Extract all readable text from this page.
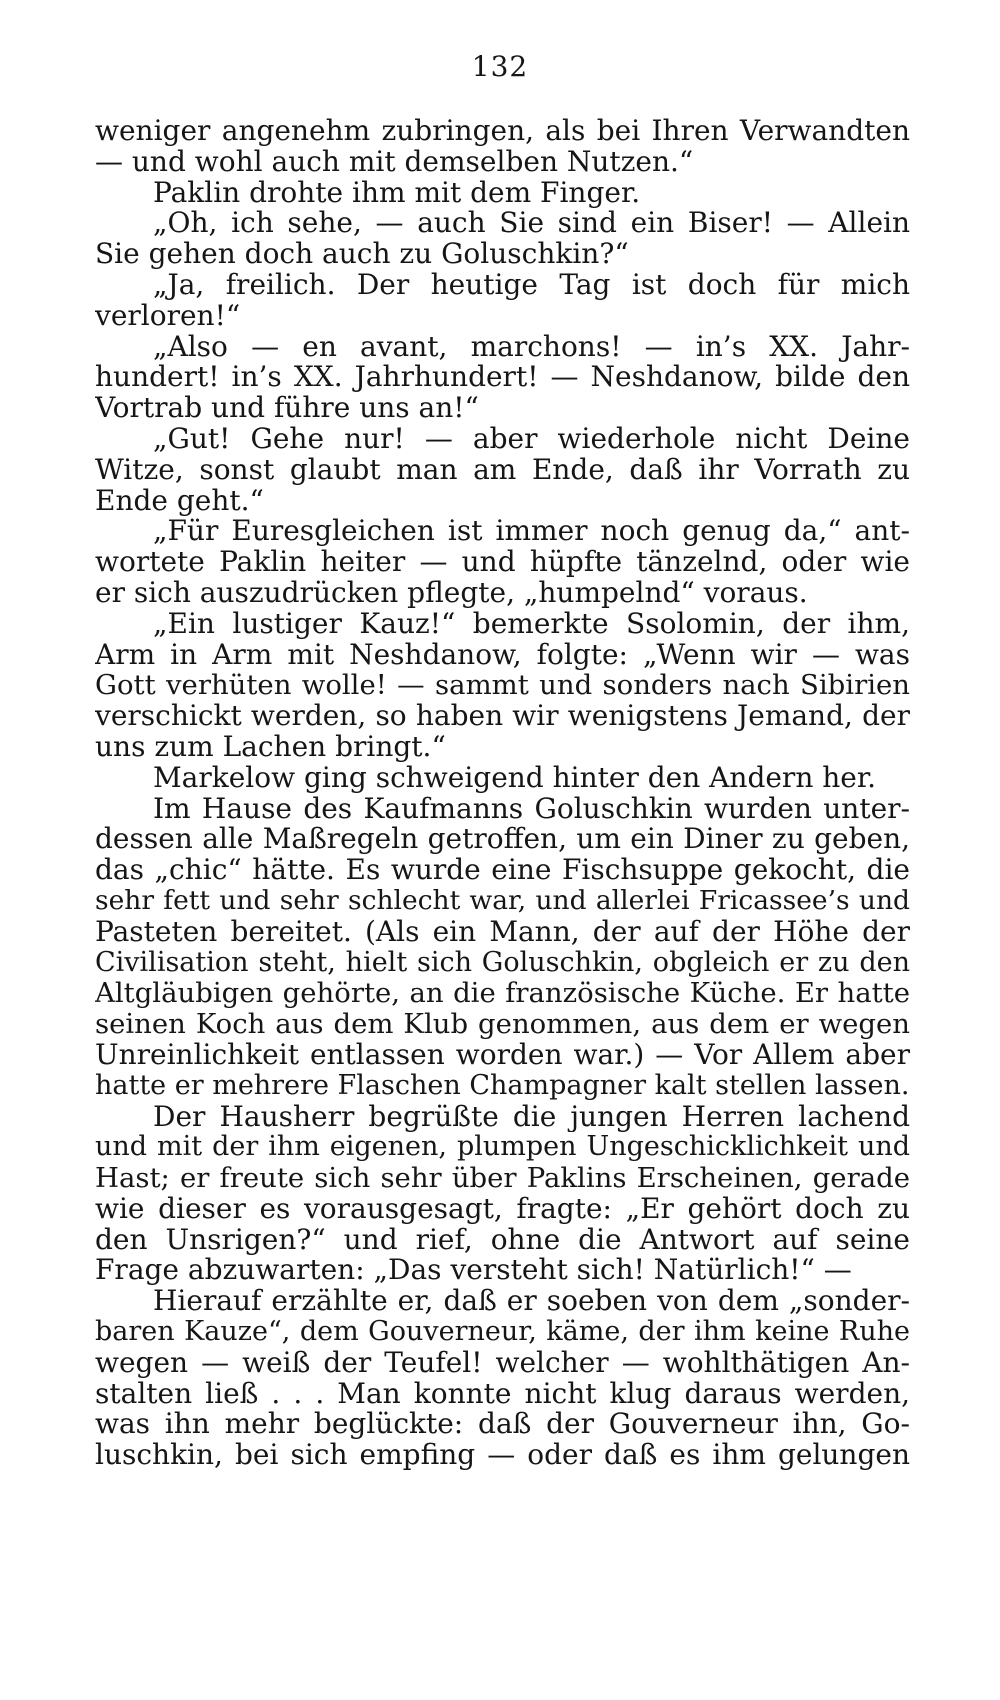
132
weniger angenehm zubringen, als bei Ihren Verwandten
— und wohl auch mit demselben Nutzen.“
Paklin drohte ihm mit dem Finger.
„Oh, ich sehe, — auch Sie sind ein Biser! — Allein
Sie gehen doch auch zu Goluschkin?“
„Ja, freilich. Der heutige Tag ist doch für mich
verloren!“
„Also — en avant, marchons! — in’s XX. Jahr-
hundert! in’s XX. Jahrhundert! — Neshdanow, bilde den
Vortrab und führe uns an!“
„Gut! Gehe nur! — aber wiederhole nicht Deine
Witze, sonst glaubt man am Ende, daß ihr Vorrath zu
Ende geht.“
„Für Euresgleichen ist immer noch genug da,“ ant-
wortete Paklin heiter — und hüpfte tänzelnd, oder wie
er sich auszudrücken pflegte, „humpelnd“ voraus.
„Ein lustiger Kauz!“ bemerkte Ssolomin, der ihm,
Arm in Arm mit Neshdanow, folgte: „Wenn wir — was
Gott verhüten wolle! — sammt und sonders nach Sibirien
verschickt werden, so haben wir wenigstens Jemand, der
uns zum Lachen bringt.“
Markelow ging schweigend hinter den Andern her.
Im Hause des Kaufmanns Goluschkin wurden unter-
dessen alle Maßregeln getroffen, um ein Diner zu geben,
das „chic“ hätte. Es wurde eine Fischsuppe gekocht, die
sehr fett und sehr schlecht war, und allerlei Fricassee’s und
Pasteten bereitet. (Als ein Mann, der auf der Höhe der
Civilisation steht, hielt sich Goluschkin, obgleich er zu den
Altgläubigen gehörte, an die französische Küche. Er hatte
seinen Koch aus dem Klub genommen, aus dem er wegen
Unreinlichkeit entlassen worden war.) — Vor Allem aber
hatte er mehrere Flaschen Champagner kalt stellen lassen.
Der Hausherr begrüßte die jungen Herren lachend
und mit der ihm eigenen, plumpen Ungeschicklichkeit und
Hast; er freute sich sehr über Paklins Erscheinen, gerade
wie dieser es vorausgesagt, fragte: „Er gehört doch zu
den Unsrigen?“ und rief, ohne die Antwort auf seine
Frage abzuwarten: „Das versteht sich! Natürlich!“ —
Hierauf erzählte er, daß er soeben von dem „sonder-
baren Kauze“, dem Gouverneur, käme, der ihm keine Ruhe
wegen — weiß der Teufel! welcher — wohlthätigen An-
stalten ließ . . . Man konnte nicht klug daraus werden,
was ihn mehr beglückte: daß der Gouverneur ihn, Go-
luschkin, bei sich empfing — oder daß es ihm gelungen
